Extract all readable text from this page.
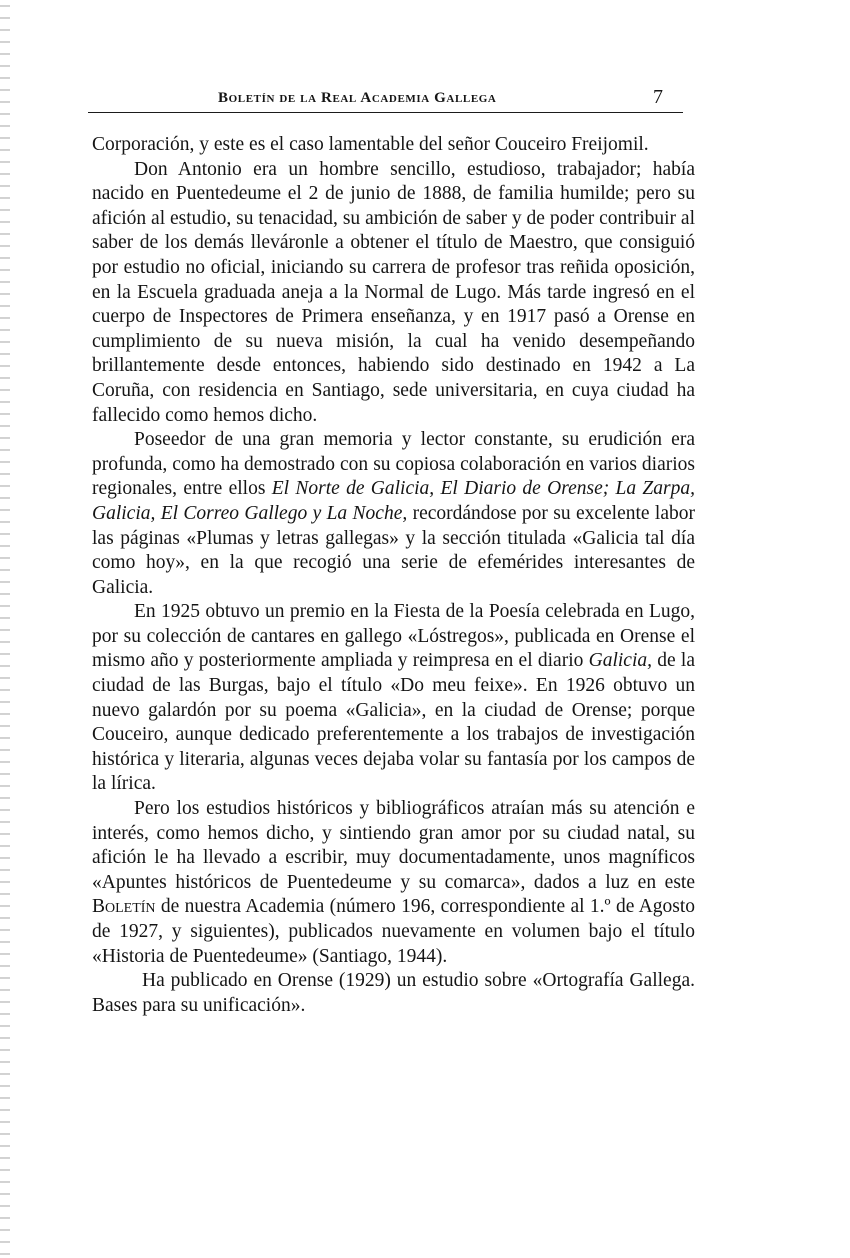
Boletín de la Real Academia Gallega	7

Corporación, y este es el caso lamentable del señor Couceiro Freijomil.

Don Antonio era un hombre sencillo, estudioso, trabajador; había nacido en Puentedeume el 2 de junio de 1888, de familia humilde; pero su afición al estudio, su tenacidad, su ambición de saber y de poder contribuir al saber de los demás lleváronle a obtener el título de Maestro, que consiguió por estudio no oficial, iniciando su carrera de profesor tras reñida oposición, en la Escuela graduada aneja a la Normal de Lugo. Más tarde ingresó en el cuerpo de Inspectores de Primera enseñanza, y en 1917 pasó a Orense en cumplimiento de su nueva misión, la cual ha venido desempeñando brillantemente desde entonces, habiendo sido destinado en 1942 a La Coruña, con residencia en Santiago, sede universitaria, en cuya ciudad ha fallecido como hemos dicho.

Poseedor de una gran memoria y lector constante, su erudición era profunda, como ha demostrado con su copiosa colaboración en varios diarios regionales, entre ellos El Norte de Galicia, El Diario de Orense; La Zarpa, Galicia, El Correo Gallego y La Noche, recordándose por su excelente labor las páginas «Plumas y letras gallegas» y la sección titulada «Galicia tal día como hoy», en la que recogió una serie de efemérides interesantes de Galicia.

En 1925 obtuvo un premio en la Fiesta de la Poesía celebrada en Lugo, por su colección de cantares en gallego «Lóstregos», publicada en Orense el mismo año y posteriormente ampliada y reimpresa en el diario Galicia, de la ciudad de las Burgas, bajo el título «Do meu feixe». En 1926 obtuvo un nuevo galardón por su poema «Galicia», en la ciudad de Orense; porque Couceiro, aunque dedicado preferentemente a los trabajos de investigación histórica y literaria, algunas veces dejaba volar su fantasía por los campos de la lírica.

Pero los estudios históricos y bibliográficos atraían más su atención e interés, como hemos dicho, y sintiendo gran amor por su ciudad natal, su afición le ha llevado a escribir, muy documentadamente, unos magníficos «Apuntes históricos de Puentedeume y su comarca», dados a luz en este Boletín de nuestra Academia (número 196, correspondiente al 1.º de Agosto de 1927, y siguientes), publicados nuevamente en volumen bajo el título «Historia de Puentedeume» (Santiago, 1944).

Ha publicado en Orense (1929) un estudio sobre «Ortografía Gallega. Bases para su unificación».
